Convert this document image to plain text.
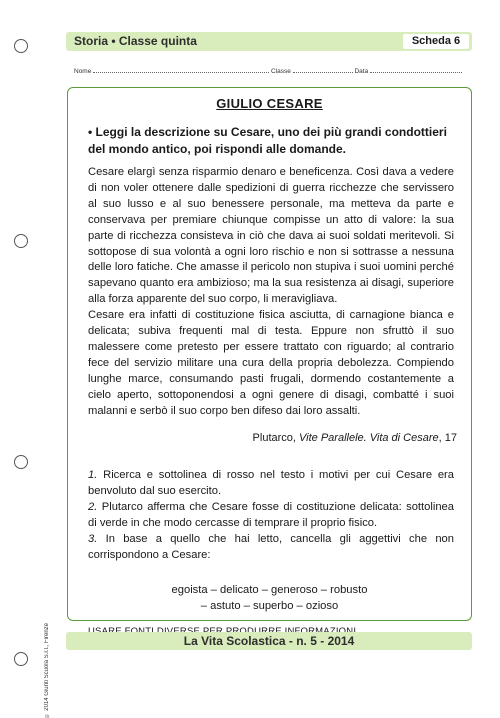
Storia • Classe quinta	Scheda 6
Nome	Classe	Data
GIULIO CESARE
• Leggi la descrizione su Cesare, uno dei più grandi condottieri del mondo antico, poi rispondi alle domande.

Cesare elargì senza risparmio denaro e beneficenza. Così dava a vedere di non voler ottenere dalle spedizioni di guerra ricchezze che servissero al suo lusso e al suo benessere personale, ma metteva da parte e conservava per premiare chiunque compisse un atto di valore: la sua parte di ricchezza consisteva in ciò che dava ai suoi soldati meritevoli. Si sottopose di sua volontà a ogni loro rischio e non si sottrasse a nessuna delle loro fatiche. Che amasse il pericolo non stupiva i suoi uomini perché sapevano quanto era ambizioso; ma la sua resistenza ai disagi, superiore alla forza apparente del suo corpo, li meravigliava.

Cesare era infatti di costituzione fisica asciutta, di carnagione bianca e delicata; subiva frequenti mal di testa. Eppure non sfruttò il suo malessere come pretesto per essere trattato con riguardo; al contrario fece del servizio militare una cura della propria debolezza. Compiendo lunghe marce, consumando pasti frugali, dormendo costantemente a cielo aperto, sottoponendosi a ogni genere di disagi, combatté i suoi malanni e serbò il suo corpo ben difeso dai loro assalti.

Plutarco, Vite Parallele. Vita di Cesare, 17

1. Ricerca e sottolinea di rosso nel testo i motivi per cui Cesare era benvoluto dal suo esercito.

2. Plutarco afferma che Cesare fosse di costituzione delicata: sottolinea di verde in che modo cercasse di temprare il proprio fisico.

3. In base a quello che hai letto, cancella gli aggettivi che non corrispondono a Cesare:

egoista – delicato – generoso – robusto
– astuto – superbo – ozioso
© 2014 Giunti Scuola S.r.l., Firenze	La Vita Scolastica - n. 5 - 2014
